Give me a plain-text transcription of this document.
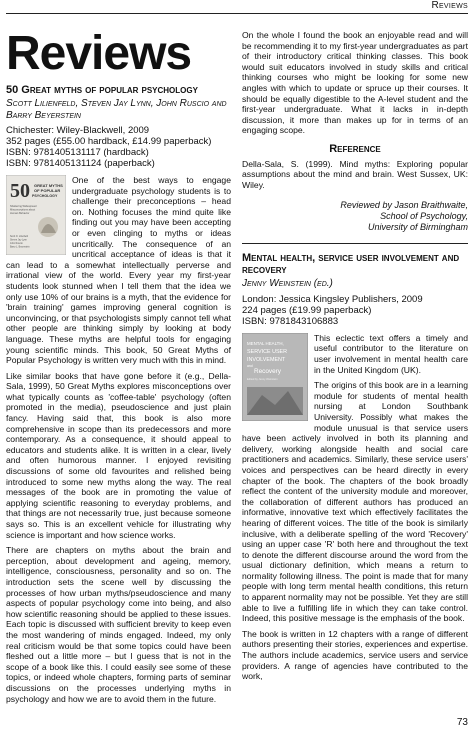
Reviews
Reviews
50 Great myths of popular psychology
Scott Lilienfeld, Steven Jay Lynn, John Ruscio and Barry Beyerstein
Chichester: Wiley-Blackwell, 2009
352 pages (£55.00 hardback, £14.99 paperback)
ISBN: 9781405131117 (hardback)
ISBN: 9781405131124 (paperback)
50 GREAT MYTHS
OF POPULAR
PSYCHOLOGY
Shattering Widespread
Misconceptions about
Human Behavior
Scott O. Lilienfeld
Steven Jay Lynn
John Ruscio
Barry L. Beyerstein

One of the best ways to engage undergraduate psychology students is to challenge their preconceptions – head on. Nothing focuses the mind quite like finding out you may have been accepting or even clinging to myths or ideas uncritically. The consequence of an uncritical acceptance of ideas is that it can lead to a somewhat intellectually perverse and irrational view of the world. Every year my first-year students look stunned when I tell them that the idea we only use 10% of our brains is a myth, that the evidence for 'brain training' games improving general cognition is unconvincing, or that psychologists simply cannot tell what other people are thinking simply by looking at body language. These myths are helpful tools for engaging young scientific minds. This book, 50 Great Myths of Popular Psychology is written very much with this in mind.

Like similar books that have gone before it (e.g., Della-Sala, 1999), 50 Great Myths explores misconceptions over what typically counts as 'coffee-table' psychology (often promoted in the media), pseudoscience and just plain fancy. Having said that, this book is also more comprehensive in scope than its predecessors and more contemporary. As a consequence, it should appeal to educators and students alike. It is written in a clear, lively and often humorous manner. I enjoyed revisiting discussions of some old favourites and relished being introduced to some new myths along the way. The real messages of the book are in promoting the value of applying scientific reasoning to everyday problems, and that things are not necessarily true, just because someone says so. This is an excellent vehicle for illustrating why science is important and how science works.

There are chapters on myths about the brain and perception, about development and ageing, memory, intelligence, consciousness, personality and so on. The introduction sets the scene well by discussing the processes of how urban myths/pseudoscience and many aspects of popular psychology come into being, and also how scientific reasoning should be applied to these issues. Each topic is discussed with sufficient brevity to keep even the most wandering of minds engaged. Indeed, my only real criticism would be that some topics could have been fleshed out a little more – but I guess that is not in the scope of a book like this. I could easily see some of these topics, or indeed whole chapters, forming parts of seminar discussions on the processes underlying myths in psychology and how we are to avoid them in the future.

On the whole I found the book an enjoyable read and will be recommending it to my first-year undergraduates as part of their introductory critical thinking classes. This book would suit educators involved in study skills and critical thinking courses who might be looking for some new angles with which to update or spruce up their courses. It should be equally digestible to the A-level student and the first-year undergraduate. What it lacks in in-depth discussion, it more than makes up for in terms of an engaging scope.

Reference

Della-Sala, S. (1999). Mind myths: Exploring popular assumptions about the mind and brain. West Sussex, UK: Wiley.

Reviewed by Jason Braithwaite,
School of Psychology,
University of Birmingham
Mental health, service user involvement and recovery
Jenny Weinstein (ed.)
London: Jessica Kingsley Publishers, 2009
224 pages (£19.99 paperback)
ISBN: 9781843106883
MENTAL HEALTH,
SERVICE USER
INVOLVEMENT
and
Recovery
Edited by Jenny Weinstein

This eclectic text offers a timely and useful contributor to the literature on user involvement in mental health care in the United Kingdom (UK).

The origins of this book are in a learning module for students of mental health nursing at London Southbank University. Possibly what makes the module unusual is that service users have been actively involved in both its planning and delivery, working alongside health and social care practitioners and academics. Similarly, these service users' voices and perspectives can be heard directly in every chapter of the book. The chapters of the book broadly reflect the content of the university module and moreover, the collaboration of different authors has produced an informative, innovative text which effectively facilitates the hearing of different voices. The title of the book is similarly inclusive, with a deliberate spelling of the word 'Recovery' using an upper case 'R' both here and throughout the text to denote the different discourse around the word from the usual dictionary definition, which means a return to normality following illness. The point is made that for many people with long term mental health conditions, this return to apparent normality may not be possible. Yet they are still able to live a fulfilling life in which they can take control. Indeed, this positive message is the emphasis of the book.

The book is written in 12 chapters with a range of different authors presenting their stories, experiences and expertise. The authors include academics, service users and service providers. A range of agencies have contributed to the work,

73
